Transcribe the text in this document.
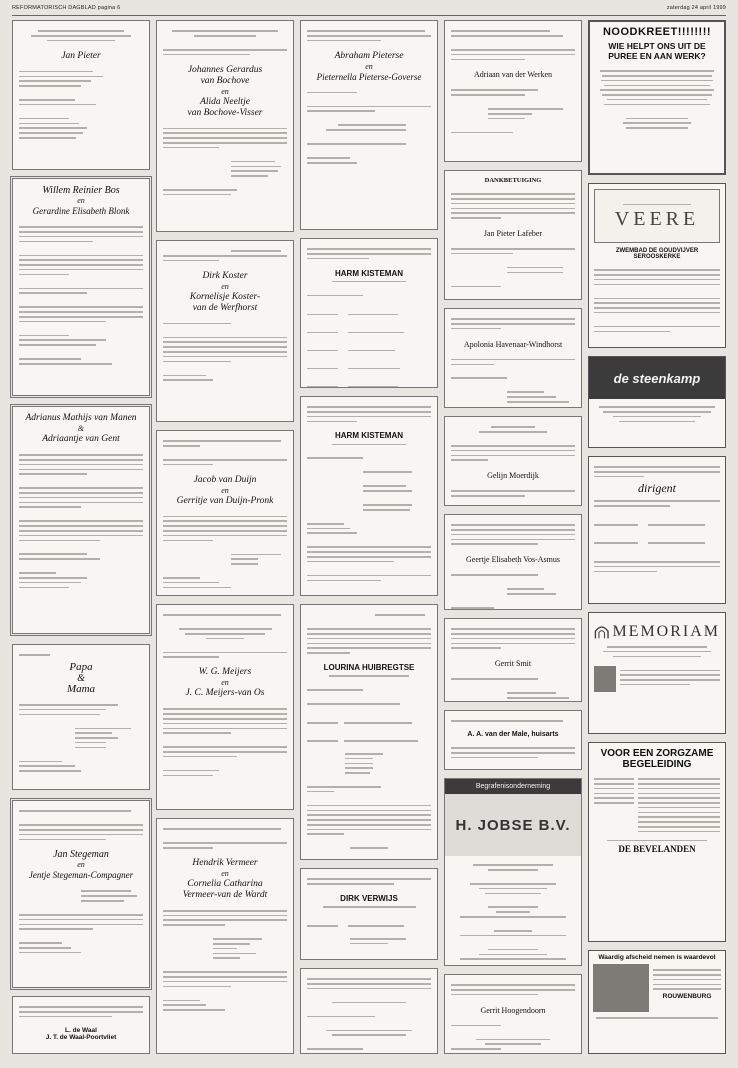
REFORMATORISCH DAGBLAD pagina 6	zaterdag 24 april 1999
Jan Pieter
Willem Reinier Bos
en
Gerardine Elisabeth Blonk
Adrianus Mathijs van Manen
&
Adriaantje van Gent
Papa
&
Mama
Jan Stegeman
en
Jentje Stegeman-Compagner
L. de Waal
J. T. de Waal-Poortvliet
Johannes Gerardus
van Bochove
en
Alida Neeltje
van Bochove-Visser
Dirk Koster
en
Kornelisje Koster-
van de Werfhorst
Jacob van Duijn
en
Gerritje van Duijn-Pronk
W. G. Meijers
en
J. C. Meijers-van Os
Hendrik Vermeer
en
Cornelia Catharina
Vermeer-van de Wardt
Abraham Pieterse
en
Pieternella Pieterse-Goverse
HARM KISTEMAN

HARM KISTEMAN
LOURINA HUIBREGTSE

DIRK VERWIJS
Adriaan van der Werken
DANKBETUIGING
Jan Pieter Lafeber
Apolonia Havenaar-Windhorst
Gelijn Moerdijk
Geertje Elisabeth Vos-Asmus
Gerrit Smit
A. A. van der Male, huisarts
Begrafenisonderneming
H. JOBSE B.V.
Gerrit Hoogendoorn
NOODKREET!!!!!!!!
WIE HELPT ONS UIT DE PUREE EN AAN WERK?
VEERE
ZWEMBAD DE GOUDVIJVER SEROOSKERKE
de steenkamp
dirigent

MEMORIAM
VOOR EEN ZORGZAME
BEGELEIDING
DE BEVELANDEN
Waardig afscheid nemen is waardevol
ROUWENBURG
